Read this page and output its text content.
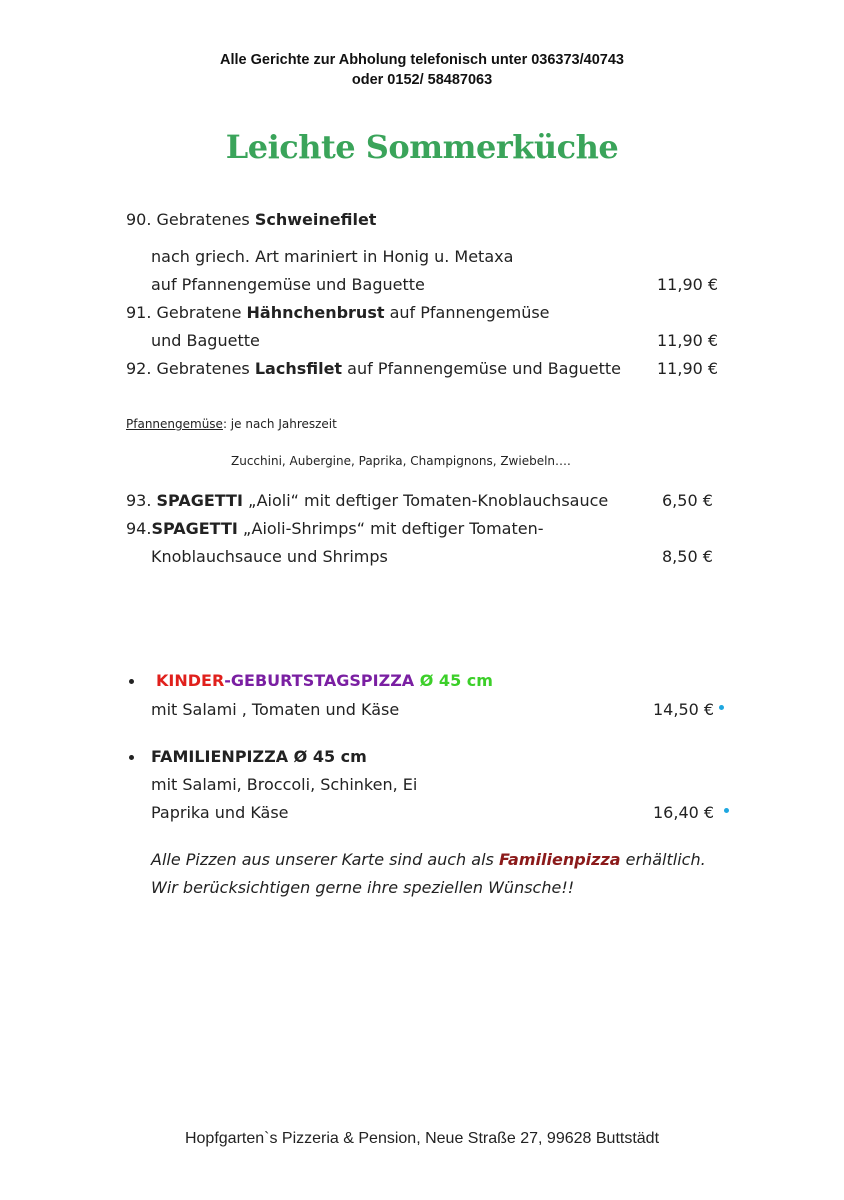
Alle Gerichte zur Abholung telefonisch unter 036373/40743
oder 0152/ 58487063
Leichte Sommerküche
90. Gebratenes Schweinefilet
nach griech. Art mariniert in Honig u. Metaxa
auf Pfannengemüse und Baguette	11,90 €
91. Gebratene Hähnchenbrust auf Pfannengemüse
und Baguette	11,90 €
92. Gebratenes Lachsfilet auf Pfannengemüse und Baguette 11,90 €
Pfannengemüse: je nach Jahreszeit
Zucchini, Aubergine, Paprika, Champignons, Zwiebeln….
93. SPAGETTI „Aioli“ mit deftiger Tomaten-Knoblauchsauce	6,50 €
94.SPAGETTI „Aioli-Shrimps“ mit deftiger Tomaten-
Knoblauchsauce und Shrimps	8,50 €
KINDER-GEBURTSTAGSPIZZA Ø 45 cm
mit Salami , Tomaten und Käse	14,50 €
FAMILIENPIZZA Ø 45 cm
mit Salami, Broccoli, Schinken, Ei
Paprika und Käse	16,40 €
Alle Pizzen aus unserer Karte sind auch als Familienpizza erhältlich.
Wir berücksichtigen gerne ihre speziellen Wünsche!!
Hopfgarten`s Pizzeria & Pension, Neue Straße 27, 99628 Buttstädt
